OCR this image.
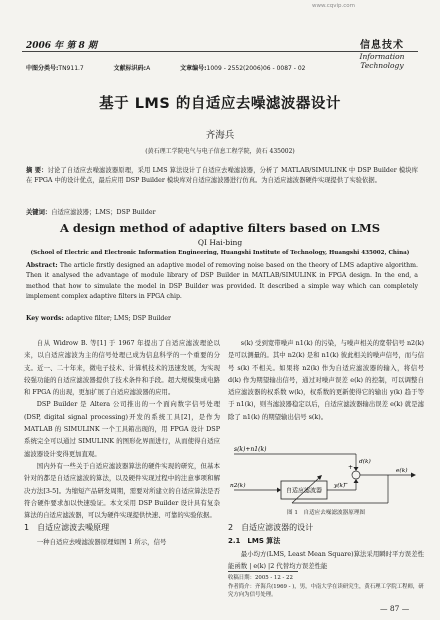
www.cqvip.com
2006 年 第 8 期	信息技术
Information Technology
中图分类号:TN911.7	文献标识码:A	文章编号:1009 - 2552(2006)06 - 0087 - 02
基于 LMS 的自适应去噪滤波器设计
齐海兵
(黄石理工学院电气与电子信息工程学院，黄石 435002)
摘 要：讨论了自适应去噪滤波器原理，采用 LMS 算法设计了自适应去噪滤波器，分析了 MATLAB/SIMULINK 中 DSP Builder 模块库在 FPGA 中的设计优点，最后应用 DSP Builder 模块库对自适应滤波器进行仿真。为自适应滤波器硬件实现提供了实验依据。
关键词：自适应滤波器；LMS；DSP Builder
A design method of adaptive filters based on LMS
QI Hai-bing
(School of Electric and Electronic Information Engineering, Huangshi Institute of Technology, Huangshi 435002, China)
Abstract: The article firstly designed an adaptive model of removing noise based on the theory of LMS adaptive algorithm. Then it analysed the advantage of module library of DSP Builder in MATLAB/SIMULINK in FPGA design. In the end, a method that how to simulate the model in DSP Builder was provided. It described a simple way which can completely implement complex adaptive filters in FPGA chip.
Key words: adaptive filter; LMS; DSP Builder

自从 Widrow B. 等[1] 于 1967 年提出了自适应滤波理论以来，以自适应滤波为主的信号处理已成为信息科学的一个重要的分支。近一、二十年来，微电子技术、计算机技术的迅速发展，为实现较强功能的自适应滤波器提供了技术条件和手段。超大规模集成电路和 FPGA 的出现，更加扩展了自适应滤波器的应用。

DSP Builder 是 Altera 公司推出的一个面向数字信号处理(DSP, digital signal processing)开发的系统工具[2]，是作为 MATLAB 的 SIMULINK 一个工具箱出现的，用 FPGA 设计 DSP 系统完全可以通过 SIMULINK 的图形化界面进行，从而使得自适应滤波器设计变得更加直观。

国内外有一些关于自适应滤波器算法的硬件实现的研究，但基本针对的都是自适应滤波的算法，以及硬件实现过程中的注意事项和解决方法[3-5]。为缩短产品研发周期，需要对所建立的自适应算法是否符合硬件要求加以快速验证。本文采用 DSP Builder 设计具有复杂算法的自适应滤波器，可以为硬件实现提供快速、可靠的实验依据。

1　自适应滤波去噪原理

一种自适应去噪滤波器原理如图 1 所示，信号

s(k) 受到宽带噪声 n1(k) 的污染，与噪声相关的宽带信号 n2(k) 是可以测量的。其中 n2(k) 是和 n1(k) 彼此相关的噪声信号，而与信号 s(k) 不相关。如果将 n2(k) 作为自适应滤波器的输入，将信号 d(k) 作为期望输出信号，通过对噪声误差 e(k) 的控制，可以调整自适应滤波器的权系数 w(k)，权系数的更新使得它的输出 y(k) 趋于等于 n1(k)，则当滤波器稳定以后，自适应滤波器输出误差 e(k) 就是滤除了 n1(k) 的期望输出信号 s(k)。

2　自适应滤波器的设计

2.1　LMS 算法

最小均方(LMS, Least Mean Square)算法采用瞬时平方误差性能函数 | e(k) |2 代替均方误差性能

s(k)+n1(k)
d(k)
+
−
e(k)
n2(k)
自适应滤波器
y(k)
图 1　自适应去噪滤波器原理图
收稿日期：2005 - 12 - 22
作者简介：齐海兵(1969 - )，男，中南大学在读研究生，黄石理工学院工程师，研究方向为信号处理。
— 87 —
